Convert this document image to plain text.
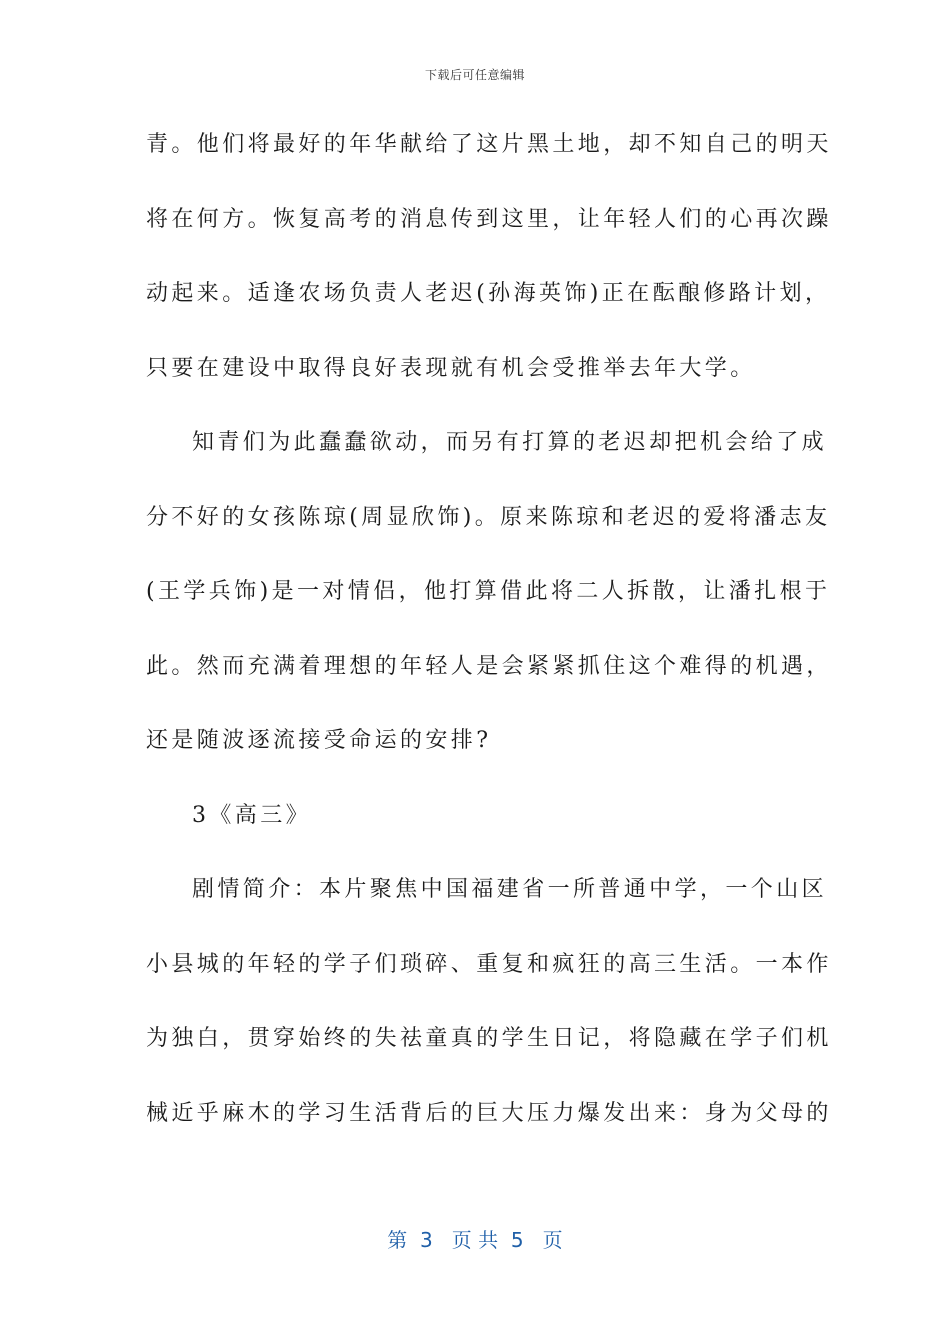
下载后可任意编辑
青。他们将最好的年华献给了这片黑土地，却不知自己的明天
将在何方。恢复高考的消息传到这里，让年轻人们的心再次躁
动起来。适逢农场负责人老迟(孙海英饰)正在酝酿修路计划，
只要在建设中取得良好表现就有机会受推举去年大学。
知青们为此蠢蠢欲动，而另有打算的老迟却把机会给了成
分不好的女孩陈琼(周显欣饰)。原来陈琼和老迟的爱将潘志友
(王学兵饰)是一对情侣，他打算借此将二人拆散，让潘扎根于
此。然而充满着理想的年轻人是会紧紧抓住这个难得的机遇，
还是随波逐流接受命运的安排?
3《高三》
剧情简介：本片聚焦中国福建省一所普通中学，一个山区
小县城的年轻的学子们琐碎、重复和疯狂的高三生活。一本作
为独白，贯穿始终的失祛童真的学生日记，将隐藏在学子们机
械近乎麻木的学习生活背后的巨大压力爆发出来：身为父母的
第  3   页 共  5   页
